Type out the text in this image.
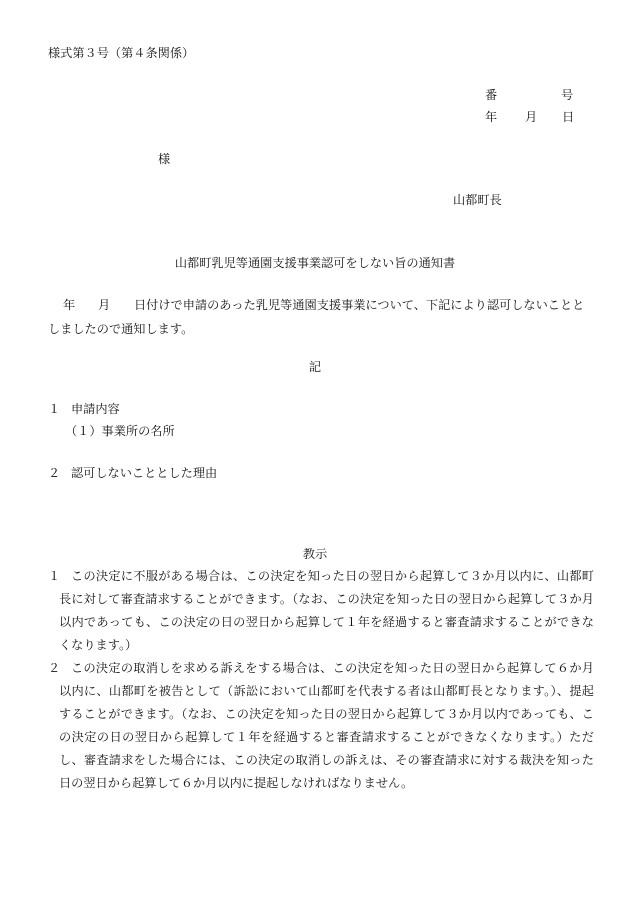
様式第３号（第４条関係）
番	号
年 月 日
様
山都町長
山都町乳児等通園支援事業認可をしない旨の通知書
年 月 日付けで申請のあった乳児等通園支援事業について、下記により認可しないこととしましたので通知します。
記
１ 申請内容
（１）事業所の名所
２ 認可しないこととした理由
教示
１ この決定に不服がある場合は、この決定を知った日の翌日から起算して３か月以内に、山都町長に対して審査請求することができます。（なお、この決定を知った日の翌日から起算して３か月以内であっても、この決定の日の翌日から起算して１年を経過すると審査請求することができなくなります。）
２ この決定の取消しを求める訴えをする場合は、この決定を知った日の翌日から起算して６か月以内に、山都町を被告として（訴訟において山都町を代表する者は山都町長となります。）、提起することができます。（なお、この決定を知った日の翌日から起算して３か月以内であっても、この決定の日の翌日から起算して１年を経過すると審査請求することができなくなります。）ただし、審査請求をした場合には、この決定の取消しの訴えは、その審査請求に対する裁決を知った日の翌日から起算して６か月以内に提起しなければなりません。
